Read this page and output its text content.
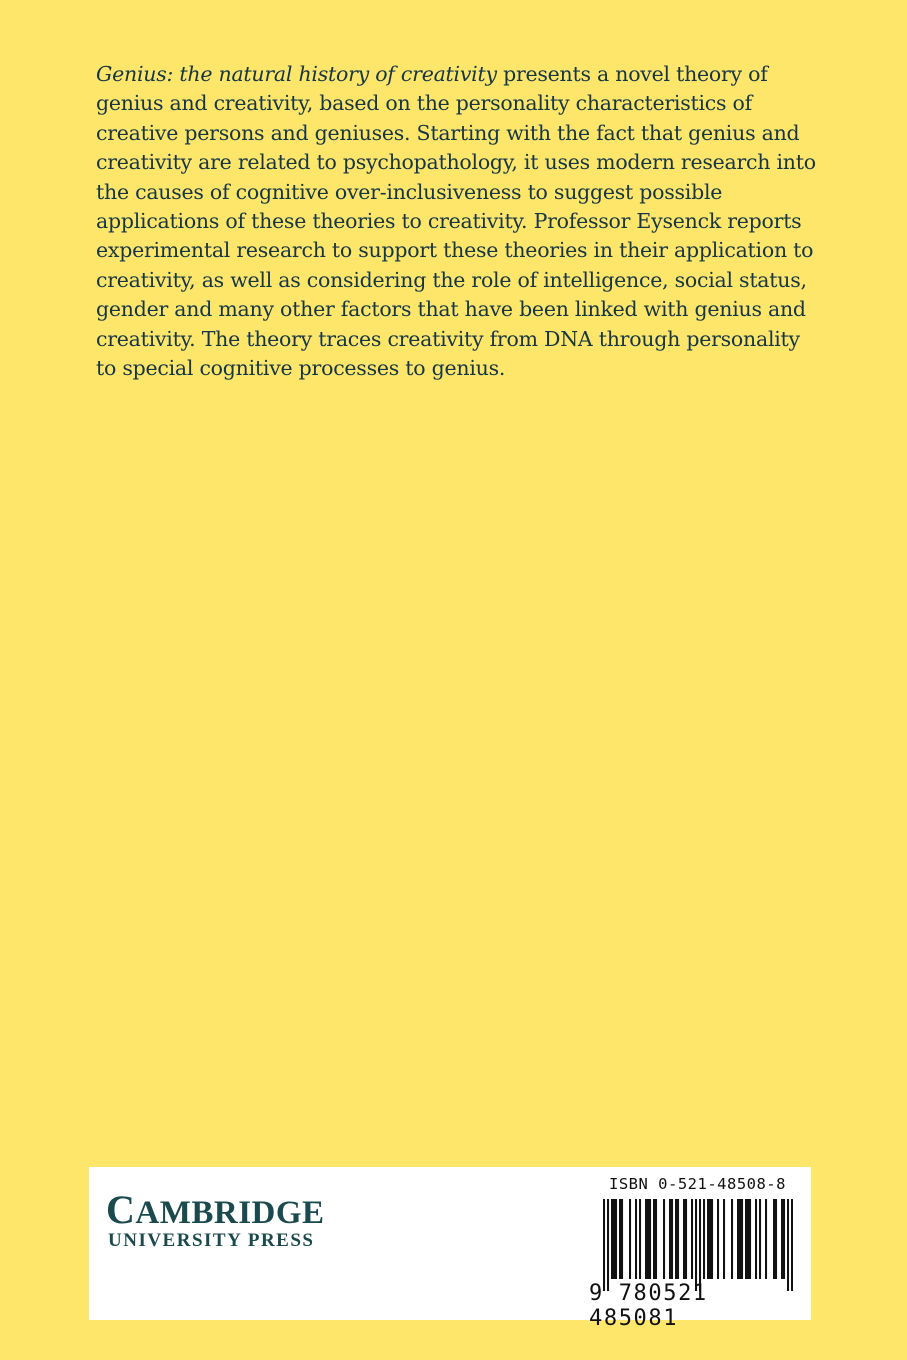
Genius: the natural history of creativity presents a novel theory of genius and creativity, based on the personality characteristics of creative persons and geniuses. Starting with the fact that genius and creativity are related to psychopathology, it uses modern research into the causes of cognitive over-inclusiveness to suggest possible applications of these theories to creativity. Professor Eysenck reports experimental research to support these theories in their application to creativity, as well as considering the role of intelligence, social status, gender and many other factors that have been linked with genius and creativity. The theory traces creativity from DNA through personality to special cognitive processes to genius.

CAMBRIDGE
UNIVERSITY PRESS
ISBN 0-521-48508-8
9 780521 485081
